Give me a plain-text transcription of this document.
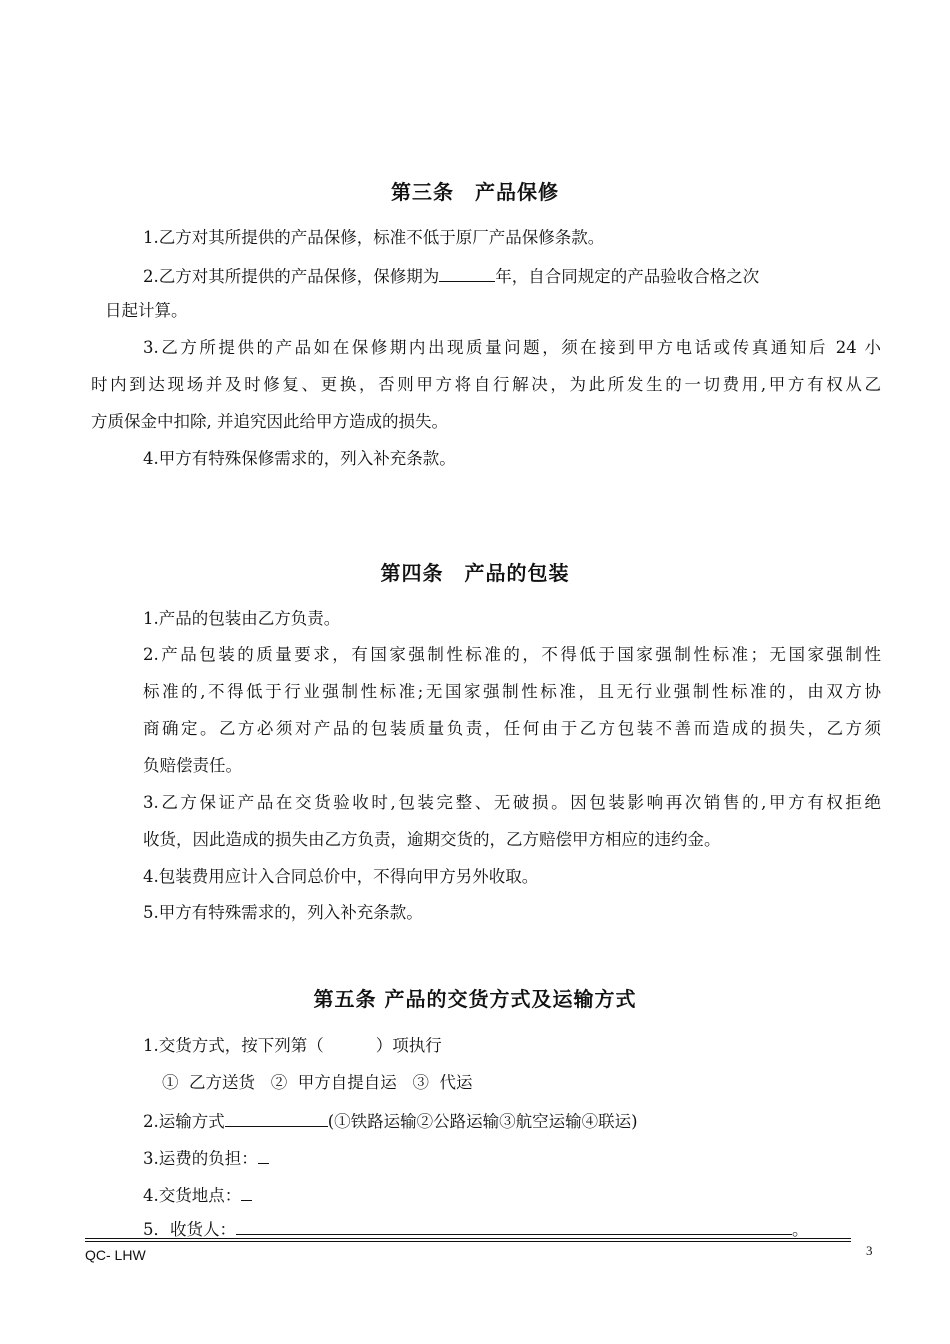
第三条　产品保修
1.乙方对其所提供的产品保修，标准不低于原厂产品保修条款。
2.乙方对其所提供的产品保修，保修期为	年，自合同规定的产品验收合格之次
日起计算。
3.乙方所提供的产品如在保修期内出现质量问题，须在接到甲方电话或传真通知后 24 小
时内到达现场并及时修复、更换，否则甲方将自行解决，为此所发生的一切费用,甲方有权从乙
方质保金中扣除, 并追究因此给甲方造成的损失。
4.甲方有特殊保修需求的，列入补充条款。
第四条　产品的包装
1.产品的包装由乙方负责。
2.产品包装的质量要求，有国家强制性标准的，不得低于国家强制性标准；无国家强制性
标准的,不得低于行业强制性标准;无国家强制性标准，且无行业强制性标准的，由双方协
商确定。乙方必须对产品的包装质量负责，任何由于乙方包装不善而造成的损失，乙方须
负赔偿责任。
3.乙方保证产品在交货验收时,包装完整、无破损。因包装影响再次销售的,甲方有权拒绝
收货，因此造成的损失由乙方负责，逾期交货的，乙方赔偿甲方相应的违约金。
4.包装费用应计入合同总价中，不得向甲方另外收取。
5.甲方有特殊需求的，列入补充条款。
第五条 产品的交货方式及运输方式
1.交货方式，按下列第（	）项执行
①  乙方送货   ②  甲方自提自运   ③  代运
2.运输方式	(①铁路运输②公路运输③航空运输④联运)
3.运费的负担：
4.交货地点：
5．收货人：	。
QC- LHW	3
